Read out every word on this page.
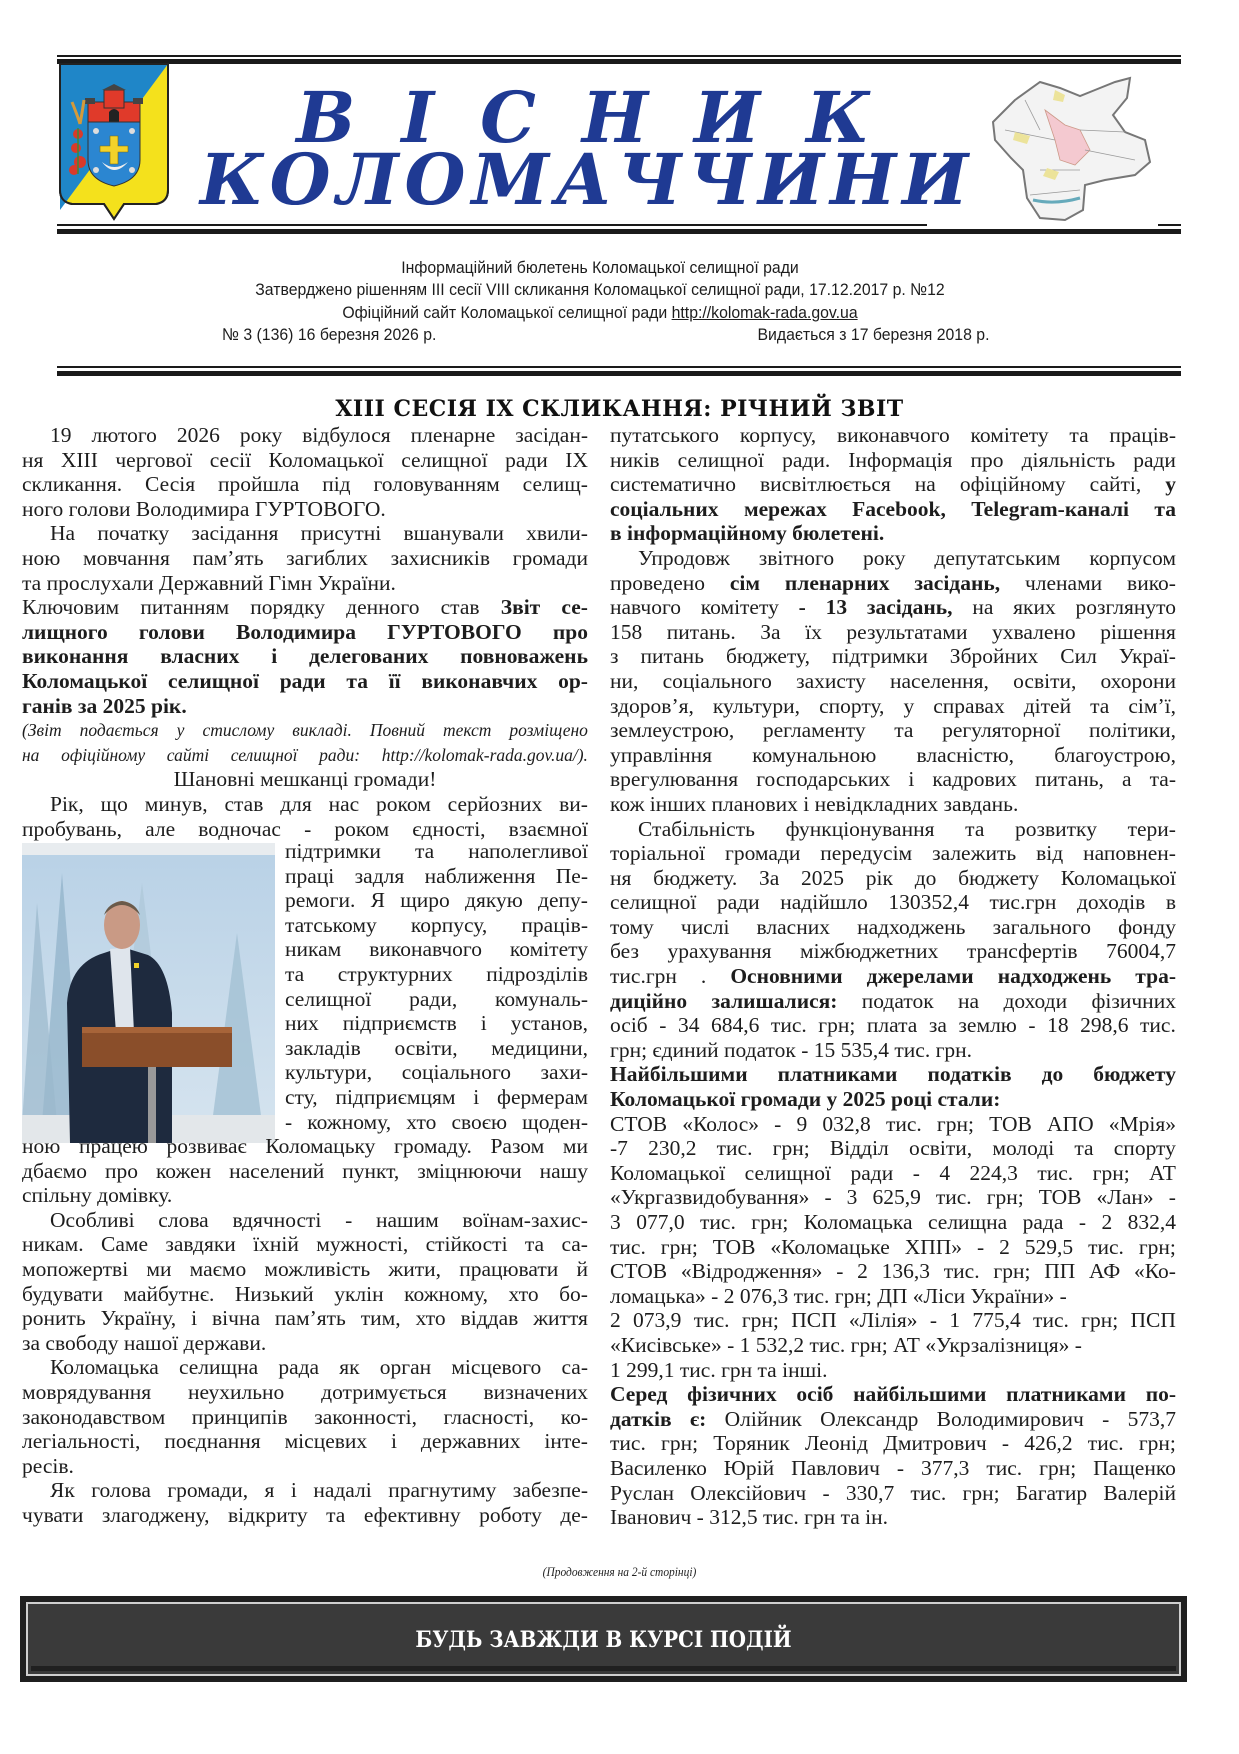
ВІСНИК
КОЛОМАЧЧИНИ
Інформаційний бюлетень Коломацької селищної ради
Затверджено рішенням ІІІ сесії VIII скликання Коломацької селищної ради, 17.12.2017 р. №12
Офіційний сайт Коломацької селищної ради http://kolomak-rada.gov.ua
№ 3 (136) 16 березня 2026 р.	Видається з 17 березня 2018 р.
ХІІІ СЕСІЯ ІХ СКЛИКАННЯ: РІЧНИЙ ЗВІТ
19 лютого 2026 року відбулося пленарне засідан-
ня ХІІІ чергової сесії Коломацької селищної ради ІХ
скликання. Сесія пройшла під головуванням селищ-
ного голови Володимира ГУРТОВОГО.
На початку засідання присутні вшанували хвили-
ною мовчання пам’ять загиблих захисників громади
та прослухали Державний Гімн України.
Ключовим питанням порядку денного став Звіт се-
лищного голови Володимира ГУРТОВОГО про
виконання власних і делегованих повноважень
Коломацької селищної ради та її виконавчих ор-
ганів за 2025 рік.
(Звіт подається у стислому викладі. Повний текст розміщено
на офіційному сайті селищної ради: http://kolomak-rada.gov.ua/).
Шановні мешканці громади!
Рік, що минув, став для нас роком серйозних ви-
пробувань, але водночас - роком єдності, взаємної
підтримки та наполегливої
праці задля наближення Пе-
ремоги. Я щиро дякую депу-
татському корпусу, праців-
никам виконавчого комітету
та структурних підрозділів
селищної ради, комуналь-
них підприємств і установ,
закладів освіти, медицини,
культури, соціального захи-
сту, підприємцям і фермерам
- кожному, хто своєю щоден-
ною працею розвиває Коломацьку громаду. Разом ми
дбаємо про кожен населений пункт, зміцнюючи нашу
спільну домівку.
Особливі слова вдячності - нашим воїнам-захис-
никам. Саме завдяки їхній мужності, стійкості та са-
мопожертві ми маємо можливість жити, працювати й
будувати майбутнє. Низький уклін кожному, хто бо-
ронить Україну, і вічна пам’ять тим, хто віддав життя
за свободу нашої держави.
Коломацька селищна рада як орган місцевого са-
моврядування неухильно дотримується визначених
законодавством принципів законності, гласності, ко-
легіальності, поєднання місцевих і державних інте-
ресів.
Як голова громади, я і надалі прагнутиму забезпе-
чувати злагоджену, відкриту та ефективну роботу де-
путатського корпусу, виконавчого комітету та праців-
ників селищної ради. Інформація про діяльність ради
систематично висвітлюється на офіційному сайті, у
соціальних мережах Facebook, Telegram-каналі та
в інформаційному бюлетені.
Упродовж звітного року депутатським корпусом
проведено сім пленарних засідань, членами вико-
навчого комітету - 13 засідань, на яких розглянуто
158 питань. За їх результатами ухвалено рішення
з питань бюджету, підтримки Збройних Сил Украї-
ни, соціального захисту населення, освіти, охорони
здоров’я, культури, спорту, у справах дітей та сім’ї,
землеустрою, регламенту та регуляторної політики,
управління комунальною власністю, благоустрою,
врегулювання господарських і кадрових питань, а та-
кож інших планових і невідкладних завдань.
Стабільність функціонування та розвитку тери-
торіальної громади передусім залежить від наповнен-
ня бюджету. За 2025 рік до бюджету Коломацької
селищної ради надійшло 130352,4 тис.грн доходів в
тому числі власних надходжень загального фонду
без урахування міжбюджетних трансфертів 76004,7
тис.грн . Основними джерелами надходжень тра-
диційно залишалися: податок на доходи фізичних
осіб - 34 684,6 тис. грн; плата за землю - 18 298,6 тис.
грн; єдиний податок - 15 535,4 тис. грн.
Найбільшими платниками податків до бюджету
Коломацької громади у 2025 році стали:
СТОВ «Колос» - 9 032,8 тис. грн; ТОВ АПО «Мрія»
-7 230,2 тис. грн; Відділ освіти, молоді та спорту
Коломацької селищної ради - 4 224,3 тис. грн; АТ
«Укргазвидобування» - 3 625,9 тис. грн; ТОВ «Лан» -
3 077,0 тис. грн; Коломацька селищна рада - 2 832,4
тис. грн; ТОВ «Коломацьке ХПП» - 2 529,5 тис. грн;
СТОВ «Відродження» - 2 136,3 тис. грн; ПП АФ «Ко-
ломацька» - 2 076,3 тис. грн; ДП «Ліси України» -
2 073,9 тис. грн; ПСП «Лілія» - 1 775,4 тис. грн; ПСП
«Кисівське» - 1 532,2 тис. грн; АТ «Укрзалізниця» -
1 299,1 тис. грн та інші.
Серед фізичних осіб найбільшими платниками по-
датків є: Олійник Олександр Володимирович - 573,7
тис. грн; Торяник Леонід Дмитрович - 426,2 тис. грн;
Василенко Юрій Павлович - 377,3 тис. грн; Пащенко
Руслан Олексійович - 330,7 тис. грн; Багатир Валерій
Іванович - 312,5 тис. грн та ін.
(Продовження на 2-й сторінці)
БУДЬ ЗАВЖДИ В КУРСІ ПОДІЙ
